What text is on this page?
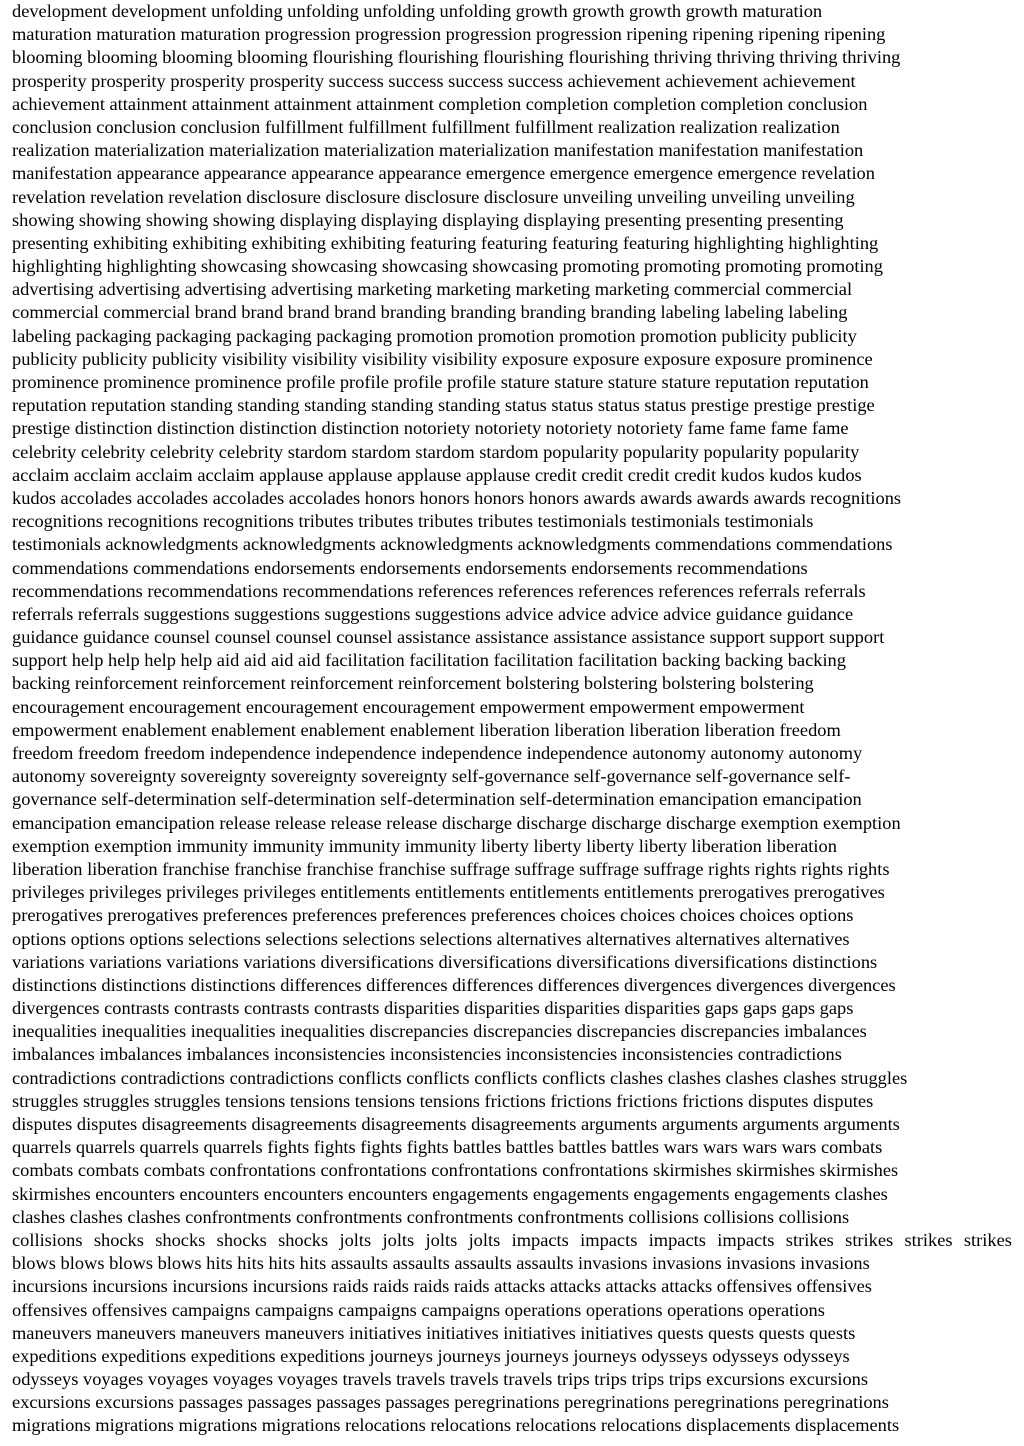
development development unfolding unfolding unfolding unfolding growth growth growth growth maturation
maturation maturation maturation progression progression progression progression ripening ripening ripening ripening
blooming blooming blooming blooming flourishing flourishing flourishing flourishing thriving thriving thriving thriving
prosperity prosperity prosperity prosperity success success success success achievement achievement achievement
achievement attainment attainment attainment attainment completion completion completion completion conclusion
conclusion conclusion conclusion fulfillment fulfillment fulfillment fulfillment realization realization realization
realization materialization materialization materialization materialization manifestation manifestation manifestation
manifestation appearance appearance appearance appearance emergence emergence emergence emergence revelation
revelation revelation revelation disclosure disclosure disclosure disclosure unveiling unveiling unveiling unveiling
showing showing showing showing displaying displaying displaying displaying presenting presenting presenting
presenting exhibiting exhibiting exhibiting exhibiting featuring featuring featuring featuring highlighting highlighting
highlighting highlighting showcasing showcasing showcasing showcasing promoting promoting promoting promoting
advertising advertising advertising advertising marketing marketing marketing marketing commercial commercial
commercial commercial brand brand brand brand branding branding branding branding labeling labeling labeling
labeling packaging packaging packaging packaging promotion promotion promotion promotion publicity publicity
publicity publicity publicity visibility visibility visibility visibility exposure exposure exposure exposure prominence
prominence prominence prominence profile profile profile profile stature stature stature stature reputation reputation
reputation reputation standing standing standing standing standing status status status status prestige prestige prestige
prestige distinction distinction distinction distinction notoriety notoriety notoriety notoriety fame fame fame fame
celebrity celebrity celebrity celebrity stardom stardom stardom stardom popularity popularity popularity popularity
acclaim acclaim acclaim acclaim applause applause applause applause credit credit credit credit kudos kudos kudos
kudos accolades accolades accolades accolades honors honors honors honors awards awards awards awards recognitions
recognitions recognitions recognitions tributes tributes tributes tributes testimonials testimonials testimonials
testimonials acknowledgments acknowledgments acknowledgments acknowledgments commendations commendations
commendations commendations endorsements endorsements endorsements endorsements recommendations
recommendations recommendations recommendations references references references references referrals referrals
referrals referrals suggestions suggestions suggestions suggestions advice advice advice advice guidance guidance
guidance guidance counsel counsel counsel counsel assistance assistance assistance assistance support support support
support help help help help aid aid aid aid facilitation facilitation facilitation facilitation backing backing backing
backing reinforcement reinforcement reinforcement reinforcement bolstering bolstering bolstering bolstering
encouragement encouragement encouragement encouragement empowerment empowerment empowerment
empowerment enablement enablement enablement enablement liberation liberation liberation liberation freedom
freedom freedom freedom independence independence independence independence autonomy autonomy autonomy
autonomy sovereignty sovereignty sovereignty sovereignty self-governance self-governance self-governance self-
governance self-determination self-determination self-determination self-determination emancipation emancipation
emancipation emancipation release release release release discharge discharge discharge discharge exemption exemption
exemption exemption immunity immunity immunity immunity liberty liberty liberty liberty liberation liberation
liberation liberation franchise franchise franchise franchise suffrage suffrage suffrage suffrage rights rights rights rights
privileges privileges privileges privileges entitlements entitlements entitlements entitlements prerogatives prerogatives
prerogatives prerogatives preferences preferences preferences preferences choices choices choices choices options
options options options selections selections selections selections alternatives alternatives alternatives alternatives
variations variations variations variations diversifications diversifications diversifications diversifications distinctions
distinctions distinctions distinctions differences differences differences differences divergences divergences divergences
divergences contrasts contrasts contrasts contrasts disparities disparities disparities disparities gaps gaps gaps gaps
inequalities inequalities inequalities inequalities discrepancies discrepancies discrepancies discrepancies imbalances
imbalances imbalances imbalances inconsistencies inconsistencies inconsistencies inconsistencies contradictions
contradictions contradictions contradictions conflicts conflicts conflicts conflicts clashes clashes clashes clashes struggles
struggles struggles struggles tensions tensions tensions tensions frictions frictions frictions frictions disputes disputes
disputes disputes disagreements disagreements disagreements disagreements arguments arguments arguments arguments
quarrels quarrels quarrels quarrels fights fights fights fights battles battles battles battles wars wars wars wars combats
combats combats combats confrontations confrontations confrontations confrontations skirmishes skirmishes skirmishes
skirmishes encounters encounters encounters encounters engagements engagements engagements engagements clashes
clashes clashes clashes confrontments confrontments confrontments confrontments collisions collisions collisions
collisions shocks shocks shocks shocks jolts jolts jolts jolts impacts impacts impacts impacts strikes strikes strikes strikes
blows blows blows blows hits hits hits hits assaults assaults assaults assaults invasions invasions invasions invasions
incursions incursions incursions incursions raids raids raids raids attacks attacks attacks attacks offensives offensives
offensives offensives campaigns campaigns campaigns campaigns operations operations operations operations
maneuvers maneuvers maneuvers maneuvers initiatives initiatives initiatives initiatives quests quests quests quests
expeditions expeditions expeditions expeditions journeys journeys journeys journeys odysseys odysseys odysseys
odysseys voyages voyages voyages voyages travels travels travels travels trips trips trips trips excursions excursions
excursions excursions passages passages passages passages peregrinations peregrinations peregrinations peregrinations
migrations migrations migrations migrations relocations relocations relocations relocations displacements displacements
